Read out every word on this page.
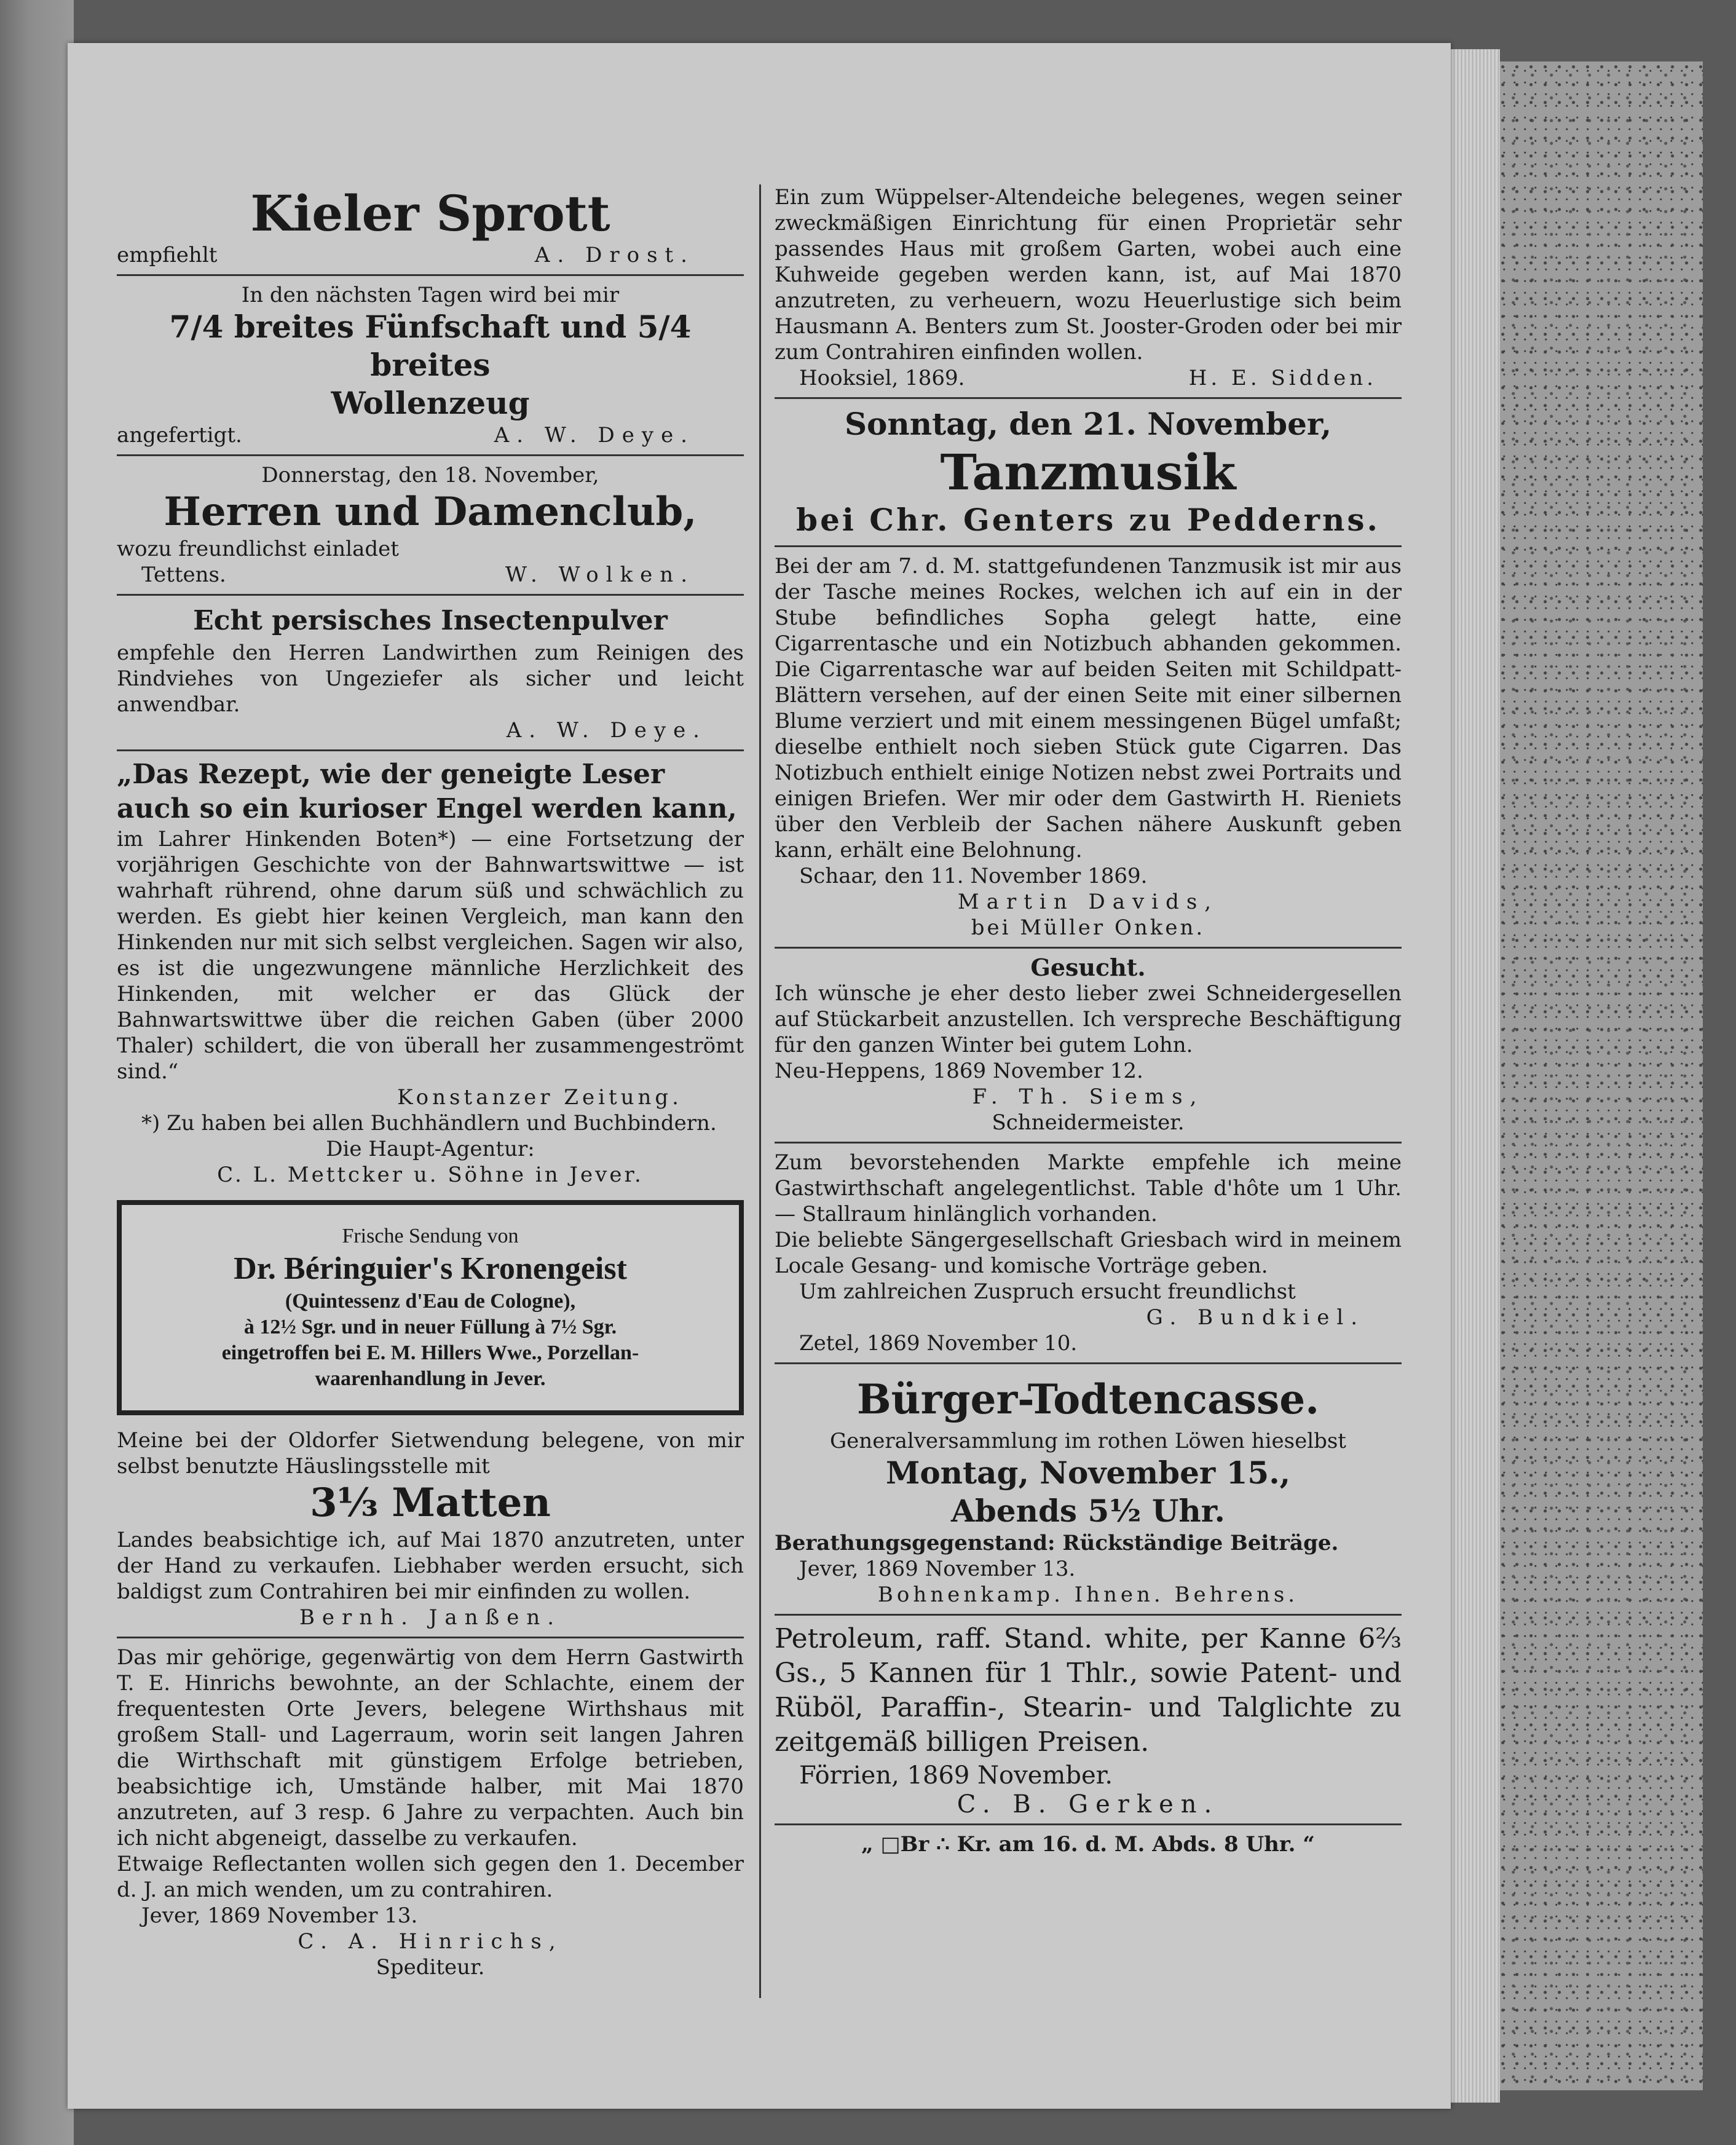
Kieler Sprott

empfiehlt	A. Drost.

In den nächsten Tagen wird bei mir

7/4 breites Fünfschaft und 5/4 breites

Wollenzeug

angefertigt.	A. W. Deye.

Donnerstag, den 18. November,

Herren und Damenclub,

wozu freundlichst einladet

Tettens.	W. Wolken.

Echt persisches Insectenpulver

empfehle den Herren Landwirthen zum Reinigen des Rindviehes von Ungeziefer als sicher und leicht anwendbar.

A. W. Deye.

„Das Rezept, wie der geneigte Leser auch so ein kurioser Engel werden kann,

im Lahrer Hinkenden Boten*) — eine Fortsetzung der vorjährigen Geschichte von der Bahnwartswittwe — ist wahrhaft rührend, ohne darum süß und schwächlich zu werden. Es giebt hier keinen Vergleich, man kann den Hinkenden nur mit sich selbst vergleichen. Sagen wir also, es ist die ungezwungene männliche Herzlichkeit des Hinkenden, mit welcher er das Glück der Bahnwartswittwe über die reichen Gaben (über 2000 Thaler) schildert, die von überall her zusammengeströmt sind.“

Konstanzer Zeitung.

*) Zu haben bei allen Buchhändlern und Buchbindern.

Die Haupt-Agentur:

C. L. Mettcker u. Söhne in Jever.

Frische Sendung von

Dr. Béringuier's Kronengeist

(Quintessenz d'Eau de Cologne),

à 12½ Sgr. und in neuer Füllung à 7½ Sgr.

eingetroffen bei E. M. Hillers Wwe., Porzellan-

waarenhandlung in Jever.

Meine bei der Oldorfer Sietwendung belegene, von mir selbst benutzte Häuslingsstelle mit

3⅓ Matten

Landes beabsichtige ich, auf Mai 1870 anzutreten, unter der Hand zu verkaufen. Liebhaber werden ersucht, sich baldigst zum Contrahiren bei mir einfinden zu wollen.

Bernh. Janßen.

Das mir gehörige, gegenwärtig von dem Herrn Gastwirth T. E. Hinrichs bewohnte, an der Schlachte, einem der frequentesten Orte Jevers, belegene Wirthshaus mit großem Stall- und Lagerraum, worin seit langen Jahren die Wirthschaft mit günstigem Erfolge betrieben, beabsichtige ich, Umstände halber, mit Mai 1870 anzutreten, auf 3 resp. 6 Jahre zu verpachten. Auch bin ich nicht abgeneigt, dasselbe zu verkaufen.

Etwaige Reflectanten wollen sich gegen den 1. December d. J. an mich wenden, um zu contrahiren.

Jever, 1869 November 13.

C. A. Hinrichs,

Spediteur.

Ein zum Wüppelser-Altendeiche belegenes, wegen seiner zweckmäßigen Einrichtung für einen Proprietär sehr passendes Haus mit großem Garten, wobei auch eine Kuhweide gegeben werden kann, ist, auf Mai 1870 anzutreten, zu verheuern, wozu Heuerlustige sich beim Hausmann A. Benters zum St. Jooster-Groden oder bei mir zum Contrahiren einfinden wollen.

Hooksiel, 1869.	H. E. Sidden.

Sonntag, den 21. November,

Tanzmusik

bei Chr. Genters zu Pedderns.

Bei der am 7. d. M. stattgefundenen Tanzmusik ist mir aus der Tasche meines Rockes, welchen ich auf ein in der Stube befindliches Sopha gelegt hatte, eine Cigarrentasche und ein Notizbuch abhanden gekommen. Die Cigarrentasche war auf beiden Seiten mit Schildpatt-Blättern versehen, auf der einen Seite mit einer silbernen Blume verziert und mit einem messingenen Bügel umfaßt; dieselbe enthielt noch sieben Stück gute Cigarren. Das Notizbuch enthielt einige Notizen nebst zwei Portraits und einigen Briefen. Wer mir oder dem Gastwirth H. Rieniets über den Verbleib der Sachen nähere Auskunft geben kann, erhält eine Belohnung.

Schaar, den 11. November 1869.

Martin Davids,

bei Müller Onken.

Gesucht.

Ich wünsche je eher desto lieber zwei Schneidergesellen auf Stückarbeit anzustellen. Ich verspreche Beschäftigung für den ganzen Winter bei gutem Lohn.

Neu-Heppens, 1869 November 12.

F. Th. Siems,

Schneidermeister.

Zum bevorstehenden Markte empfehle ich meine Gastwirthschaft angelegentlichst. Table d'hôte um 1 Uhr. — Stallraum hinlänglich vorhanden.

Die beliebte Sängergesellschaft Griesbach wird in meinem Locale Gesang- und komische Vorträge geben.

Um zahlreichen Zuspruch ersucht freundlichst

G. Bundkiel.

Zetel, 1869 November 10.

Bürger-Todtencasse.

Generalversammlung im rothen Löwen hieselbst

Montag, November 15.,

Abends 5½ Uhr.

Berathungsgegenstand: Rückständige Beiträge.

Jever, 1869 November 13.

Bohnenkamp. Ihnen. Behrens.

Petroleum, raff. Stand. white, per Kanne 6⅔ Gs., 5 Kannen für 1 Thlr., sowie Patent- und Rüböl, Paraffin-, Stearin- und Talglichte zu zeitgemäß billigen Preisen.

Förrien, 1869 November.

C. B. Gerken.

„ □Br ∴ Kr. am 16. d. M. Abds. 8 Uhr. “
